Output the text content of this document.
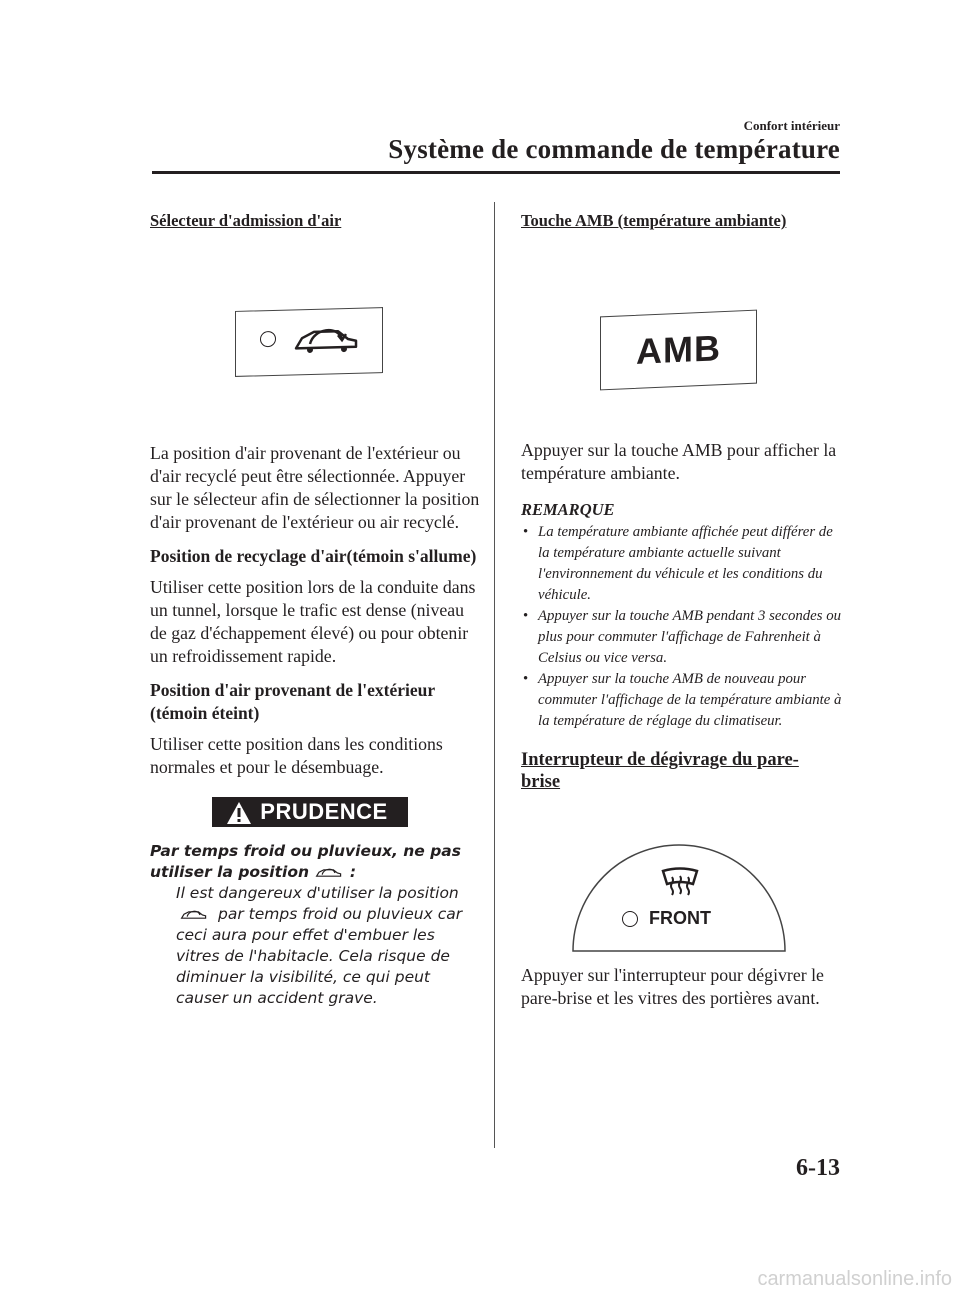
Confort intérieur
Système de commande de température
Sélecteur d'admission d'air

La position d'air provenant de l'extérieur ou d'air recyclé peut être sélectionnée. Appuyer sur le sélecteur afin de sélectionner la position d'air provenant de l'extérieur ou air recyclé.

Position de recyclage d'air(témoin s'allume)

Utiliser cette position lors de la conduite dans un tunnel, lorsque le trafic est dense (niveau de gaz d'échappement élevé) ou pour obtenir un refroidissement rapide.

Position d'air provenant de l'extérieur (témoin éteint)

Utiliser cette position dans les conditions normales et pour le désembuage.

PRUDENCE
Par temps froid ou pluvieux, ne pas utiliser la position	:
Il est dangereux d'utiliser la position
par temps froid ou pluvieux car ceci aura pour effet d'embuer les vitres de l'habitacle. Cela risque de diminuer la visibilité, ce qui peut causer un accident grave.
Touche AMB (température ambiante)
AMB

Appuyer sur la touche AMB pour afficher la température ambiante.

REMARQUE

• La température ambiante affichée peut différer de la température ambiante actuelle suivant l'environnement du véhicule et les conditions du véhicule.
• Appuyer sur la touche AMB pendant 3 secondes ou plus pour commuter l'affichage de Fahrenheit à Celsius ou vice versa.
• Appuyer sur la touche AMB de nouveau pour commuter l'affichage de la température ambiante à la température de réglage du climatiseur.
Interrupteur de dégivrage du pare-brise
FRONT

Appuyer sur l'interrupteur pour dégivrer le pare-brise et les vitres des portières avant.

6-13
carmanualsonline.info
